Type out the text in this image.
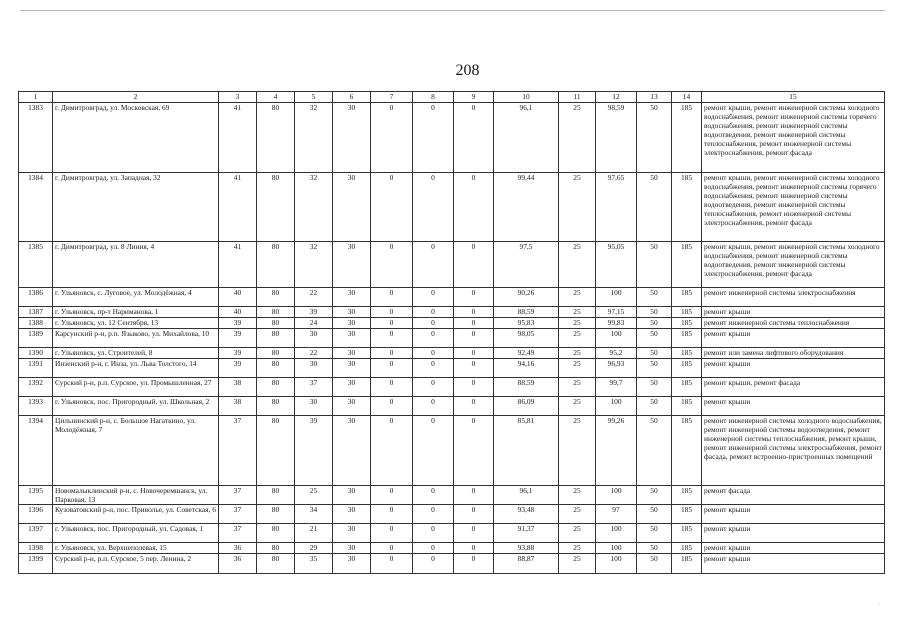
208
1	2	3	4	5	6	7	8	9	10	11	12	13	14	15
1383	г. Димитровград, ул. Московская, 69	41	80	32	30	0	0	0	96,1	25	98,59	50	185	ремонт крыши, ремонт инженерной системы холодного водоснабжения, ремонт инженерной системы горячего водоснабжения, ремонт инженерной системы водоотведения, ремонт инженерной системы теплоснабжения, ремонт инженерной системы электроснабжения, ремонт фасада
1384	г. Димитровград, ул. Западная, 32	41	80	32	30	0	0	0	99,44	25	97,65	50	185	ремонт крыши, ремонт инженерной системы холодного водоснабжения, ремонт инженерной системы горячего водоснабжения, ремонт инженерной системы водоотведения, ремонт инженерной системы теплоснабжения, ремонт инженерной системы электроснабжения, ремонт фасада
1385	г. Димитровград, ул. 8 Линия, 4	41	80	32	30	0	0	0	97,5	25	95,05	50	185	ремонт крыши, ремонт инженерной системы холодного водоснабжения, ремонт инженерной системы водоотведения, ремонт инженерной системы электроснабжения, ремонт фасада
1386	г. Ульяновск, с. Луговое, ул. Молодёжная, 4	40	80	22	30	0	0	0	90,26	25	100	50	185	ремонт инженерной системы электроснабжения
1387	г. Ульяновск, пр-т Нариманова, 1	40	80	39	30	0	0	0	88,59	25	97,15	50	185	ремонт крыши
1388	г. Ульяновск, ул. 12 Сентября, 13	39	80	24	30	0	0	0	95,83	25	99,83	50	185	ремонт инженерной системы теплоснабжения
1389	Карсунский р-н, р.п. Языково, ул. Михайлова, 10	39	80	30	30	0	0	0	98,05	25	100	50	185	ремонт крыши
1390	г. Ульяновск, ул. Строителей, 8	39	80	22	30	0	0	0	92,49	25	95,2	50	185	ремонт или замена лифтового оборудования
1391	Инзенский р-н, г. Инза, ул. Льва Толстого, 14	39	80	30	30	0	0	0	94,16	25	96,93	50	185	ремонт крыши
1392	Сурский р-н, р.п. Сурское, ул. Промышленная, 27	38	80	37	30	0	0	0	88,59	25	99,7	50	185	ремонт крыши, ремонт фасада
1393	г. Ульяновск, пос. Пригородный, ул. Школьная, 2	38	80	30	30	0	0	0	86,09	25	100	50	185	ремонт крыши
1394	Цильнинский р-н, с. Большое Нагаткино, ул. Молодёжная, 7	37	80	39	30	0	0	0	85,81	25	99,26	50	185	ремонт инженерной системы холодного водоснабжения, ремонт инженерной системы водоотведения, ремонт инженерной системы теплоснабжения, ремонт крыши, ремонт инженерной системы электроснабжения, ремонт фасада, ремонт встроенно-пристроенных помещений
1395	Новомалыклинский р-н, с. Новочеремшанск, ул. Парковая, 13	37	80	25	30	0	0	0	96,1	25	100	50	185	ремонт фасада
1396	Кузоватовский р-н, пос. Приволье, ул. Советская, 6	37	80	34	30	0	0	0	93,48	25	97	50	185	ремонт крыши
1397	г. Ульяновск, пос. Пригородный, ул. Садовая, 1	37	80	21	30	0	0	0	91,37	25	100	50	185	ремонт крыши
1398	г. Ульяновск, ул. Верхнеполевая, 15	36	80	29	30	0	0	0	93,88	25	100	50	185	ремонт крыши
1399	Сурский р-н, р.п. Сурское, 5 пер. Ленина, 2	36	80	35	30	0	0	0	88,87	25	100	50	185	ремонт крыши
·
